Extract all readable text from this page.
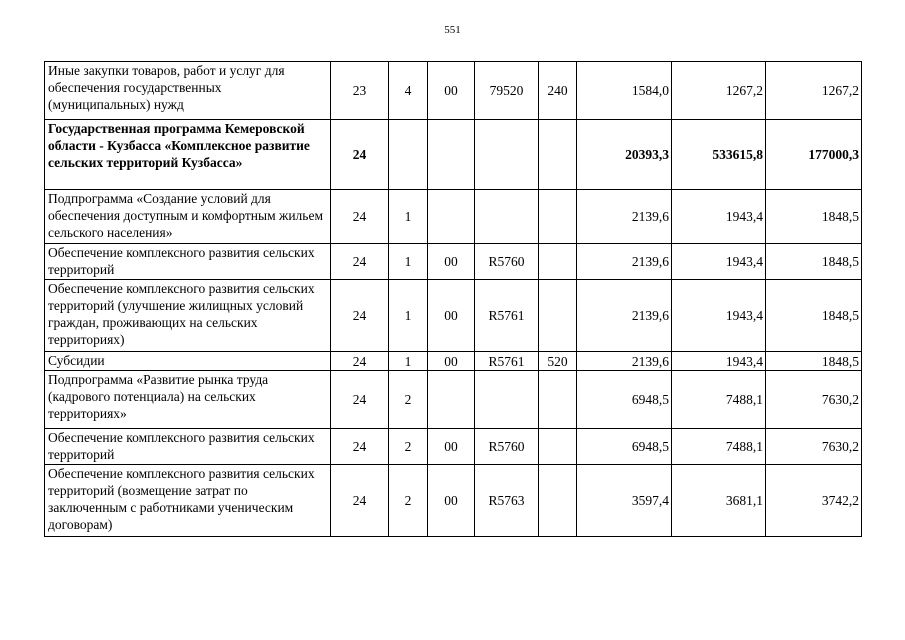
551
Иные закупки товаров, работ и услуг для обеспечения государственных (муниципальных) нужд	23	4	00	79520	240	1584,0	1267,2	1267,2
Государственная программа Кемеровской области - Кузбасса «Комплексное развитие сельских территорий Кузбасса»	24					20393,3	533615,8	177000,3
Подпрограмма «Создание условий для обеспечения доступным и комфортным жильем сельского населения»	24	1				2139,6	1943,4	1848,5
Обеспечение комплексного развития сельских территорий	24	1	00	R5760		2139,6	1943,4	1848,5
Обеспечение комплексного развития сельских территорий (улучшение жилищных условий граждан, проживающих на сельских территориях)	24	1	00	R5761		2139,6	1943,4	1848,5
Субсидии	24	1	00	R5761	520	2139,6	1943,4	1848,5
Подпрограмма «Развитие рынка труда (кадрового потенциала) на сельских территориях»	24	2				6948,5	7488,1	7630,2
Обеспечение комплексного развития сельских территорий	24	2	00	R5760		6948,5	7488,1	7630,2
Обеспечение комплексного развития сельских территорий (возмещение затрат по заключенным с работниками ученическим договорам)	24	2	00	R5763		3597,4	3681,1	3742,2
